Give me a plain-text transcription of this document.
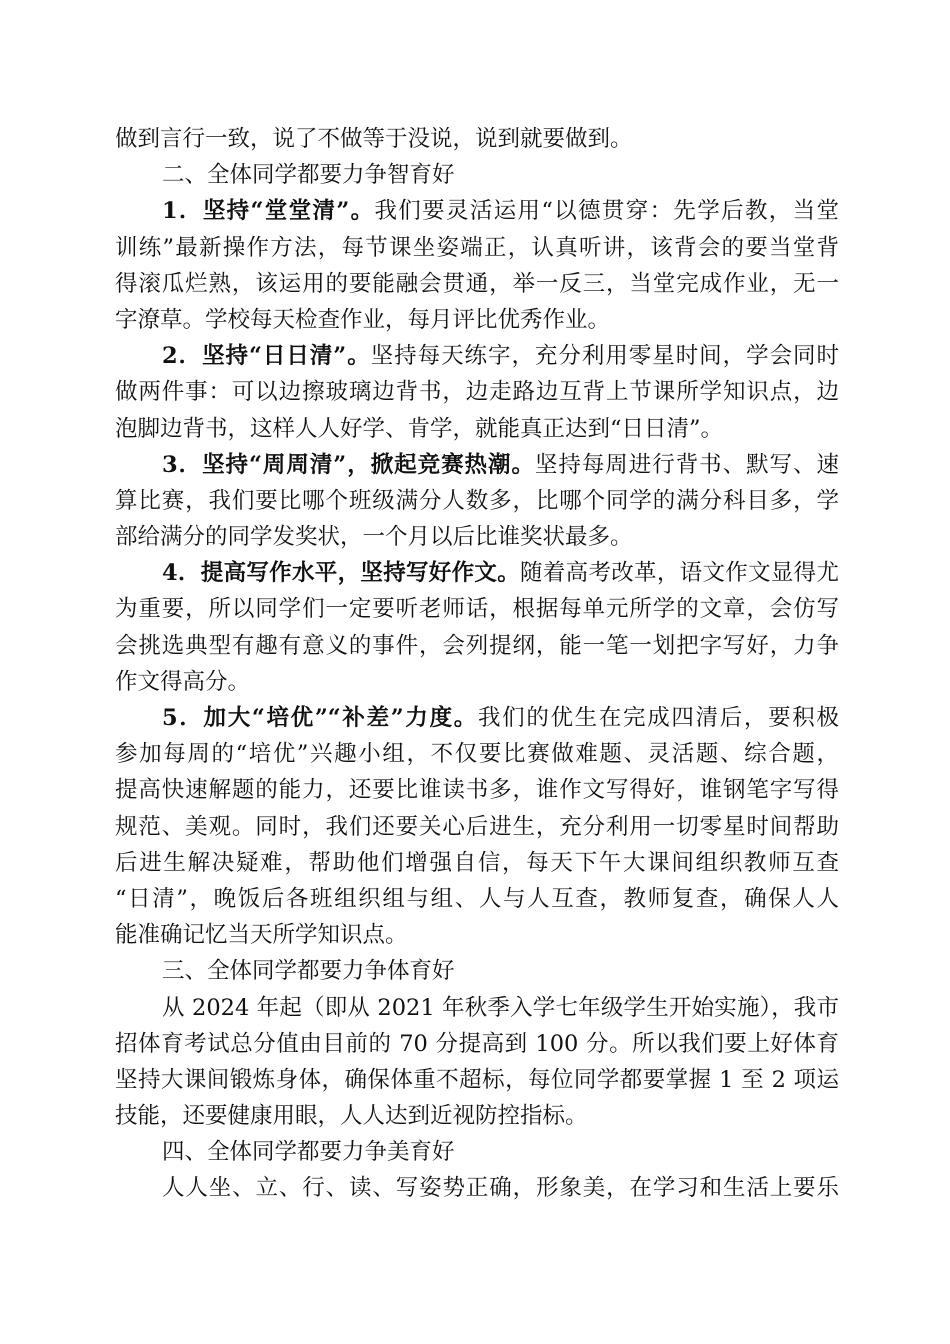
做到言行一致，说了不做等于没说，说到就要做到。
二、全体同学都要力争智育好
1．坚持“堂堂清”。我们要灵活运用“以德贯穿：先学后教，当堂
训练”最新操作方法，每节课坐姿端正，认真听讲，该背会的要当堂背
得滚瓜烂熟，该运用的要能融会贯通，举一反三，当堂完成作业，无一
字潦草。学校每天检查作业，每月评比优秀作业。
2．坚持“日日清”。坚持每天练字，充分利用零星时间，学会同时
做两件事：可以边擦玻璃边背书，边走路边互背上节课所学知识点，边
泡脚边背书，这样人人好学、肯学，就能真正达到“日日清”。
3．坚持“周周清”，掀起竞赛热潮。坚持每周进行背书、默写、速
算比赛，我们要比哪个班级满分人数多，比哪个同学的满分科目多，学
部给满分的同学发奖状，一个月以后比谁奖状最多。
4．提高写作水平，坚持写好作文。随着高考改革，语文作文显得尤
为重要，所以同学们一定要听老师话，根据每单元所学的文章，会仿写
会挑选典型有趣有意义的事件，会列提纲，能一笔一划把字写好，力争
作文得高分。
5．加大“培优”“补差”力度。我们的优生在完成四清后，要积极
参加每周的“培优”兴趣小组，不仅要比赛做难题、灵活题、综合题，
提高快速解题的能力，还要比谁读书多，谁作文写得好，谁钢笔字写得
规范、美观。同时，我们还要关心后进生，充分利用一切零星时间帮助
后进生解决疑难，帮助他们增强自信，每天下午大课间组织教师互查
“日清”，晚饭后各班组织组与组、人与人互查，教师复查，确保人人
能准确记忆当天所学知识点。
三、全体同学都要力争体育好
从 2024 年起（即从 2021 年秋季入学七年级学生开始实施），我市
招体育考试总分值由目前的 70 分提高到 100 分。所以我们要上好体育
坚持大课间锻炼身体，确保体重不超标，每位同学都要掌握 1 至 2 项运
技能，还要健康用眼，人人达到近视防控指标。
四、全体同学都要力争美育好
人人坐、立、行、读、写姿势正确，形象美，在学习和生活上要乐
